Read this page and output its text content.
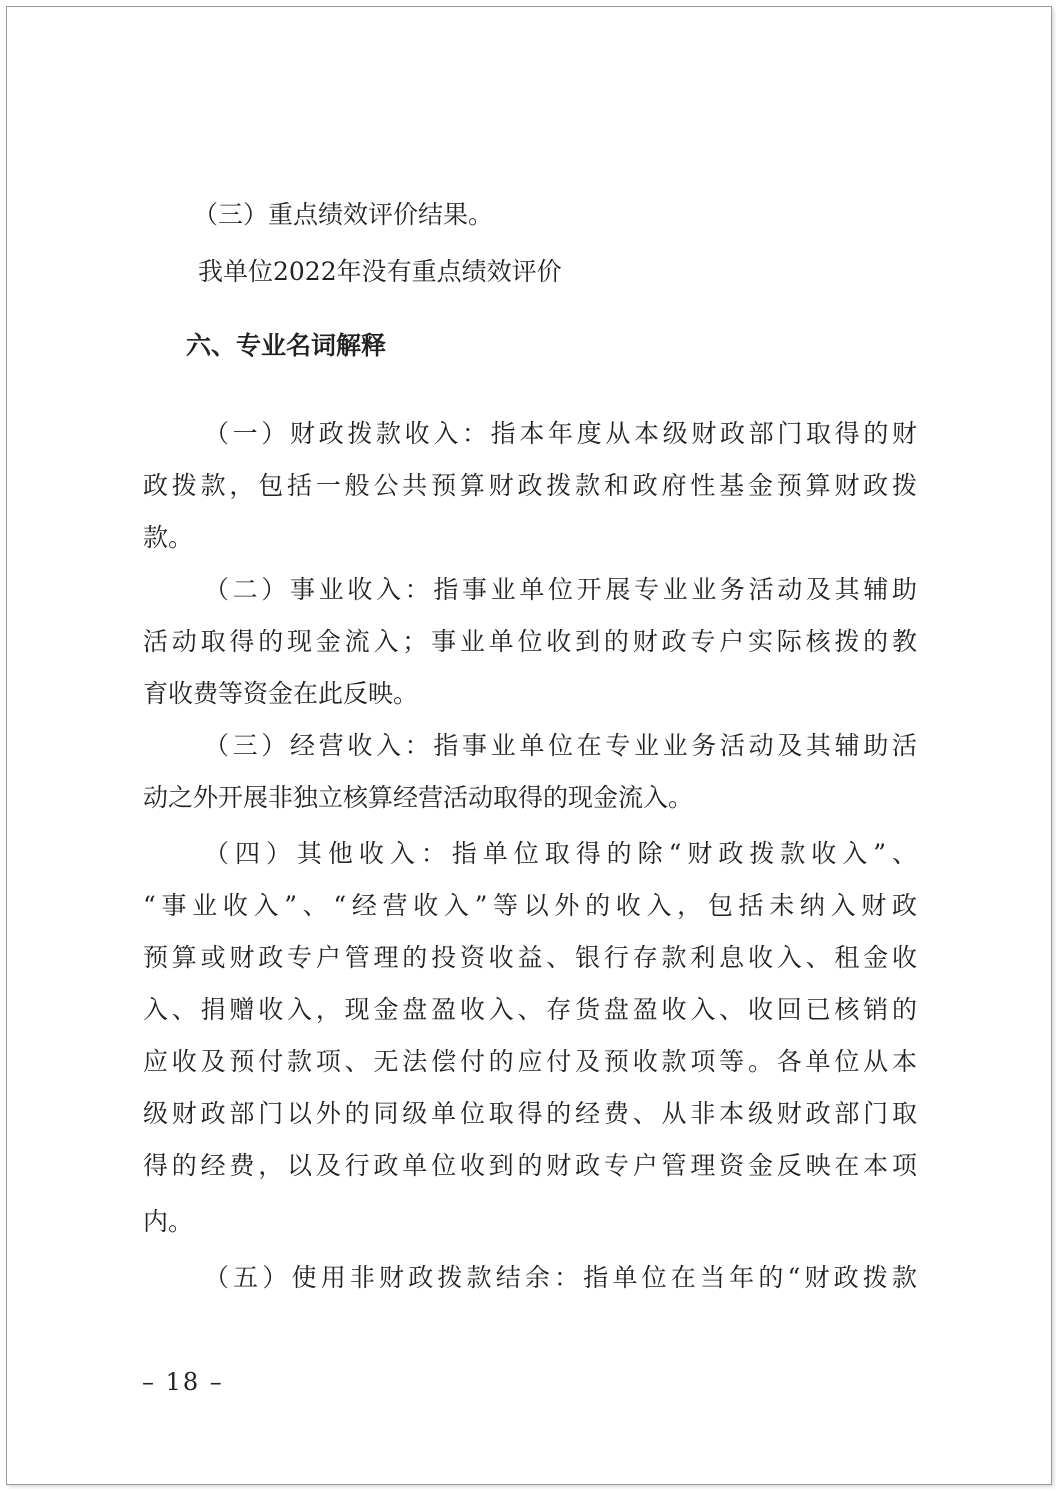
（三）重点绩效评价结果。
我单位2022年没有重点绩效评价
六、专业名词解释
（一）财政拨款收入：指本年度从本级财政部门取得的财
政拨款，包括一般公共预算财政拨款和政府性基金预算财政拨
款。
（二）事业收入：指事业单位开展专业业务活动及其辅助
活动取得的现金流入；事业单位收到的财政专户实际核拨的教
育收费等资金在此反映。
（三）经营收入：指事业单位在专业业务活动及其辅助活
动之外开展非独立核算经营活动取得的现金流入。
（四）其他收入：指单位取得的除“财政拨款收入”、
“事业收入”、“经营收入”等以外的收入，包括未纳入财政
预算或财政专户管理的投资收益、银行存款利息收入、租金收
入、捐赠收入，现金盘盈收入、存货盘盈收入、收回已核销的
应收及预付款项、无法偿付的应付及预收款项等。各单位从本
级财政部门以外的同级单位取得的经费、从非本级财政部门取
得的经费，以及行政单位收到的财政专户管理资金反映在本项
内。
（五）使用非财政拨款结余：指单位在当年的“财政拨款
– 18 –
